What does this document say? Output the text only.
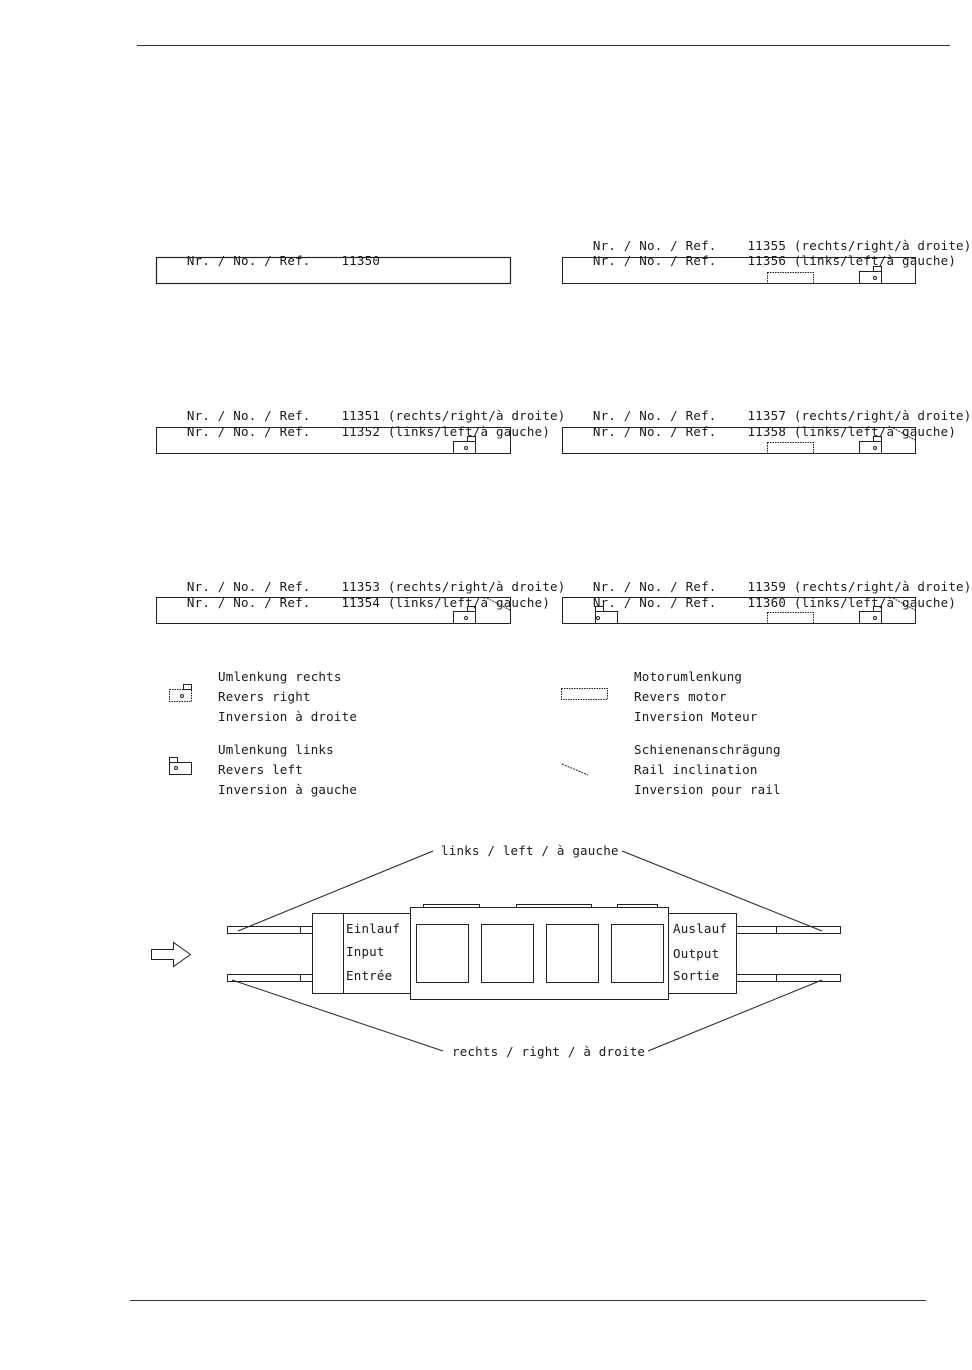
Nr. / No. / Ref. 11350

Nr. / No. / Ref. 11355 (rechts/right/à droite)

Nr. / No. / Ref. 11356 (links/left/à gauche)

Nr. / No. / Ref. 11351 (rechts/right/à droite)

Nr. / No. / Ref. 11352 (links/left/à gauche)

Nr. / No. / Ref. 11357 (rechts/right/à droite)

Nr. / No. / Ref. 11358 (links/left/à gauche)

Nr. / No. / Ref. 11353 (rechts/right/à droite)

Nr. / No. / Ref. 11354 (links/left/à gauche)

Nr. / No. / Ref. 11359 (rechts/right/à droite)

Nr. / No. / Ref. 11360 (links/left/à gauche)

Umlenkung rechts
Revers right
Inversion à droite
Umlenkung links
Revers left
Inversion à gauche
Motorumlenkung
Revers motor
Inversion Moteur
Schienenanschrägung
Rail inclination
Inversion pour rail
links / left / à gauche
rechts / right / à droite
Einlauf
Input
Entrée
Auslauf
Output
Sortie
